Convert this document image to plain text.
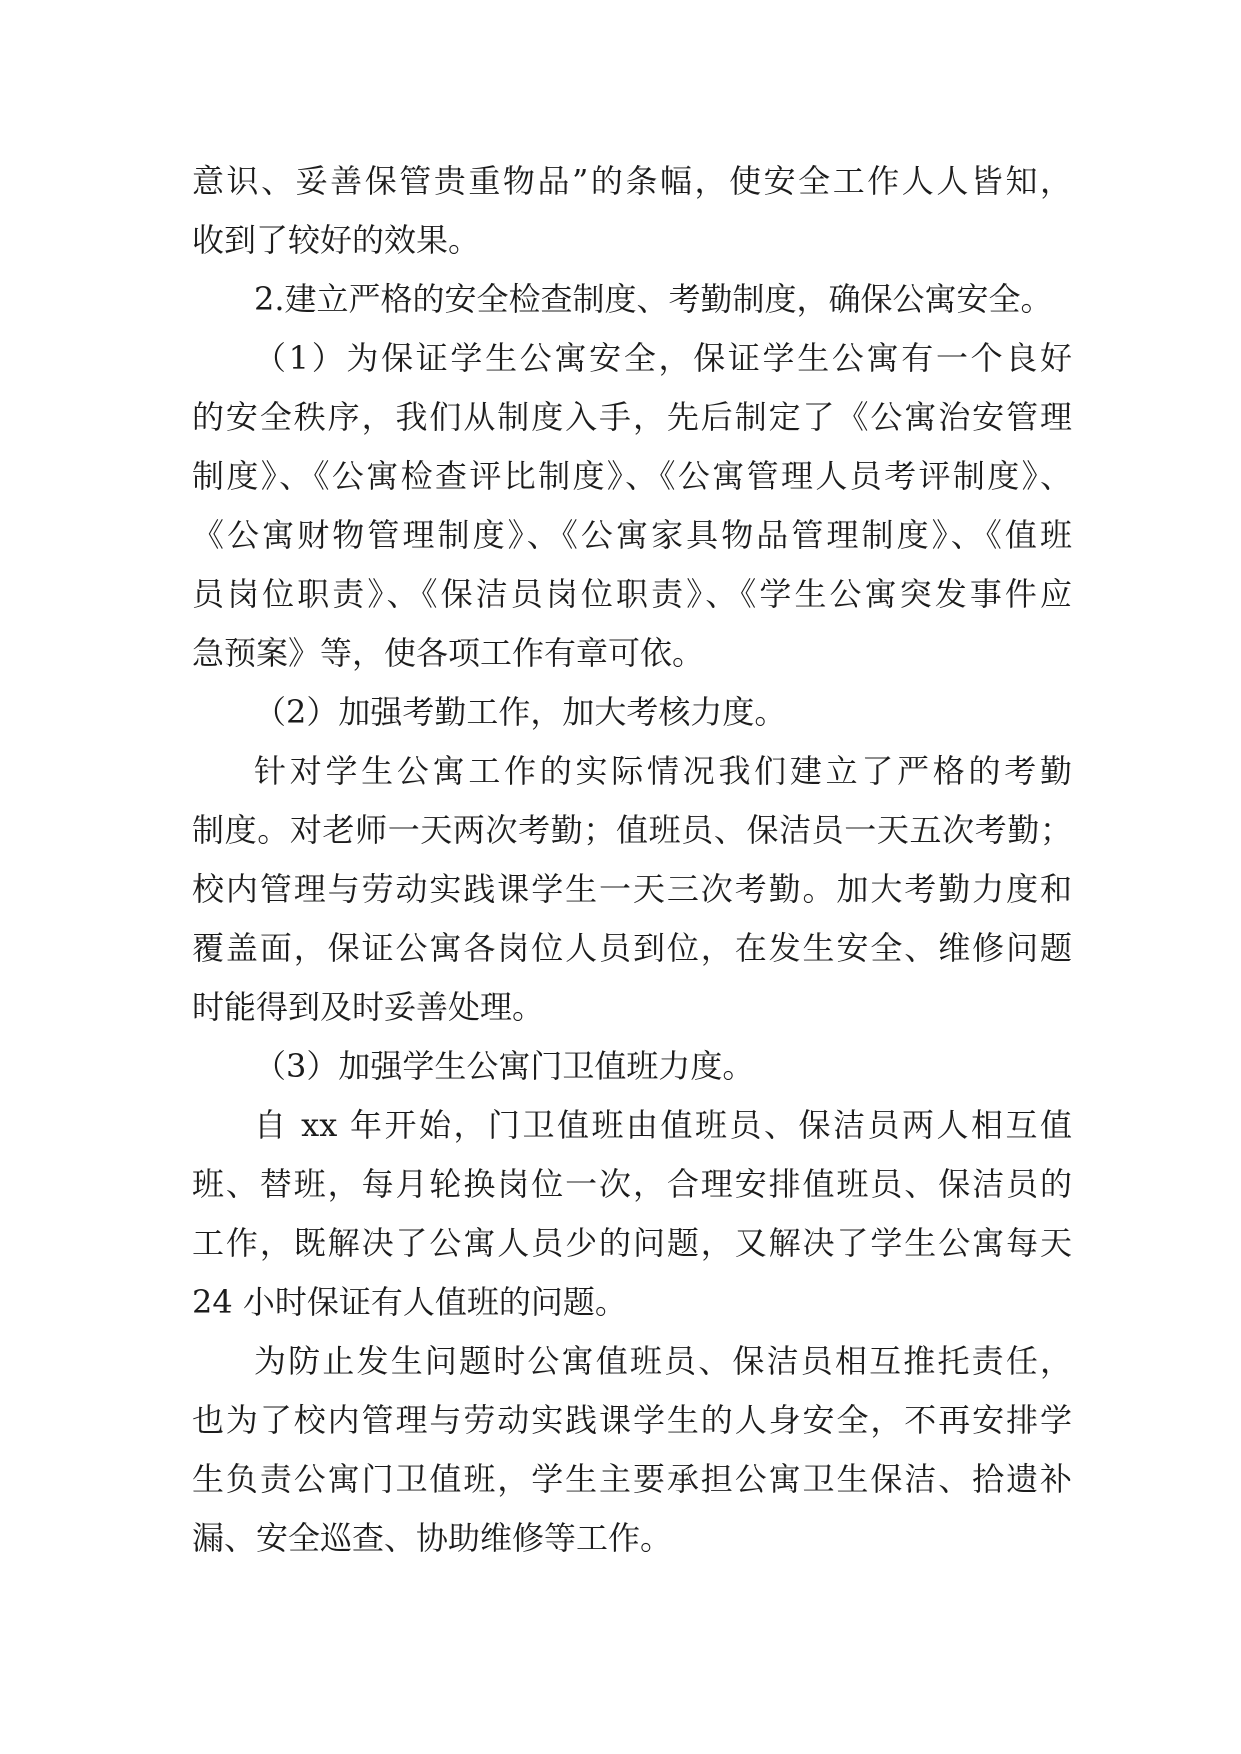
意识、妥善保管贵重物品”的条幅，使安全工作人人皆知，
收到了较好的效果。
2.建立严格的安全检查制度、考勤制度，确保公寓安全。
（1）为保证学生公寓安全，保证学生公寓有一个良好
的安全秩序，我们从制度入手，先后制定了《公寓治安管理
制度》、《公寓检查评比制度》、《公寓管理人员考评制度》、
《公寓财物管理制度》、《公寓家具物品管理制度》、《值班
员岗位职责》、《保洁员岗位职责》、《学生公寓突发事件应
急预案》等，使各项工作有章可依。
（2）加强考勤工作，加大考核力度。
针对学生公寓工作的实际情况我们建立了严格的考勤
制度。对老师一天两次考勤；值班员、保洁员一天五次考勤；
校内管理与劳动实践课学生一天三次考勤。加大考勤力度和
覆盖面，保证公寓各岗位人员到位，在发生安全、维修问题
时能得到及时妥善处理。
（3）加强学生公寓门卫值班力度。
自 xx 年开始，门卫值班由值班员、保洁员两人相互值
班、替班，每月轮换岗位一次，合理安排值班员、保洁员的
工作，既解决了公寓人员少的问题，又解决了学生公寓每天
24 小时保证有人值班的问题。
为防止发生问题时公寓值班员、保洁员相互推托责任，
也为了校内管理与劳动实践课学生的人身安全，不再安排学
生负责公寓门卫值班，学生主要承担公寓卫生保洁、拾遗补
漏、安全巡查、协助维修等工作。
